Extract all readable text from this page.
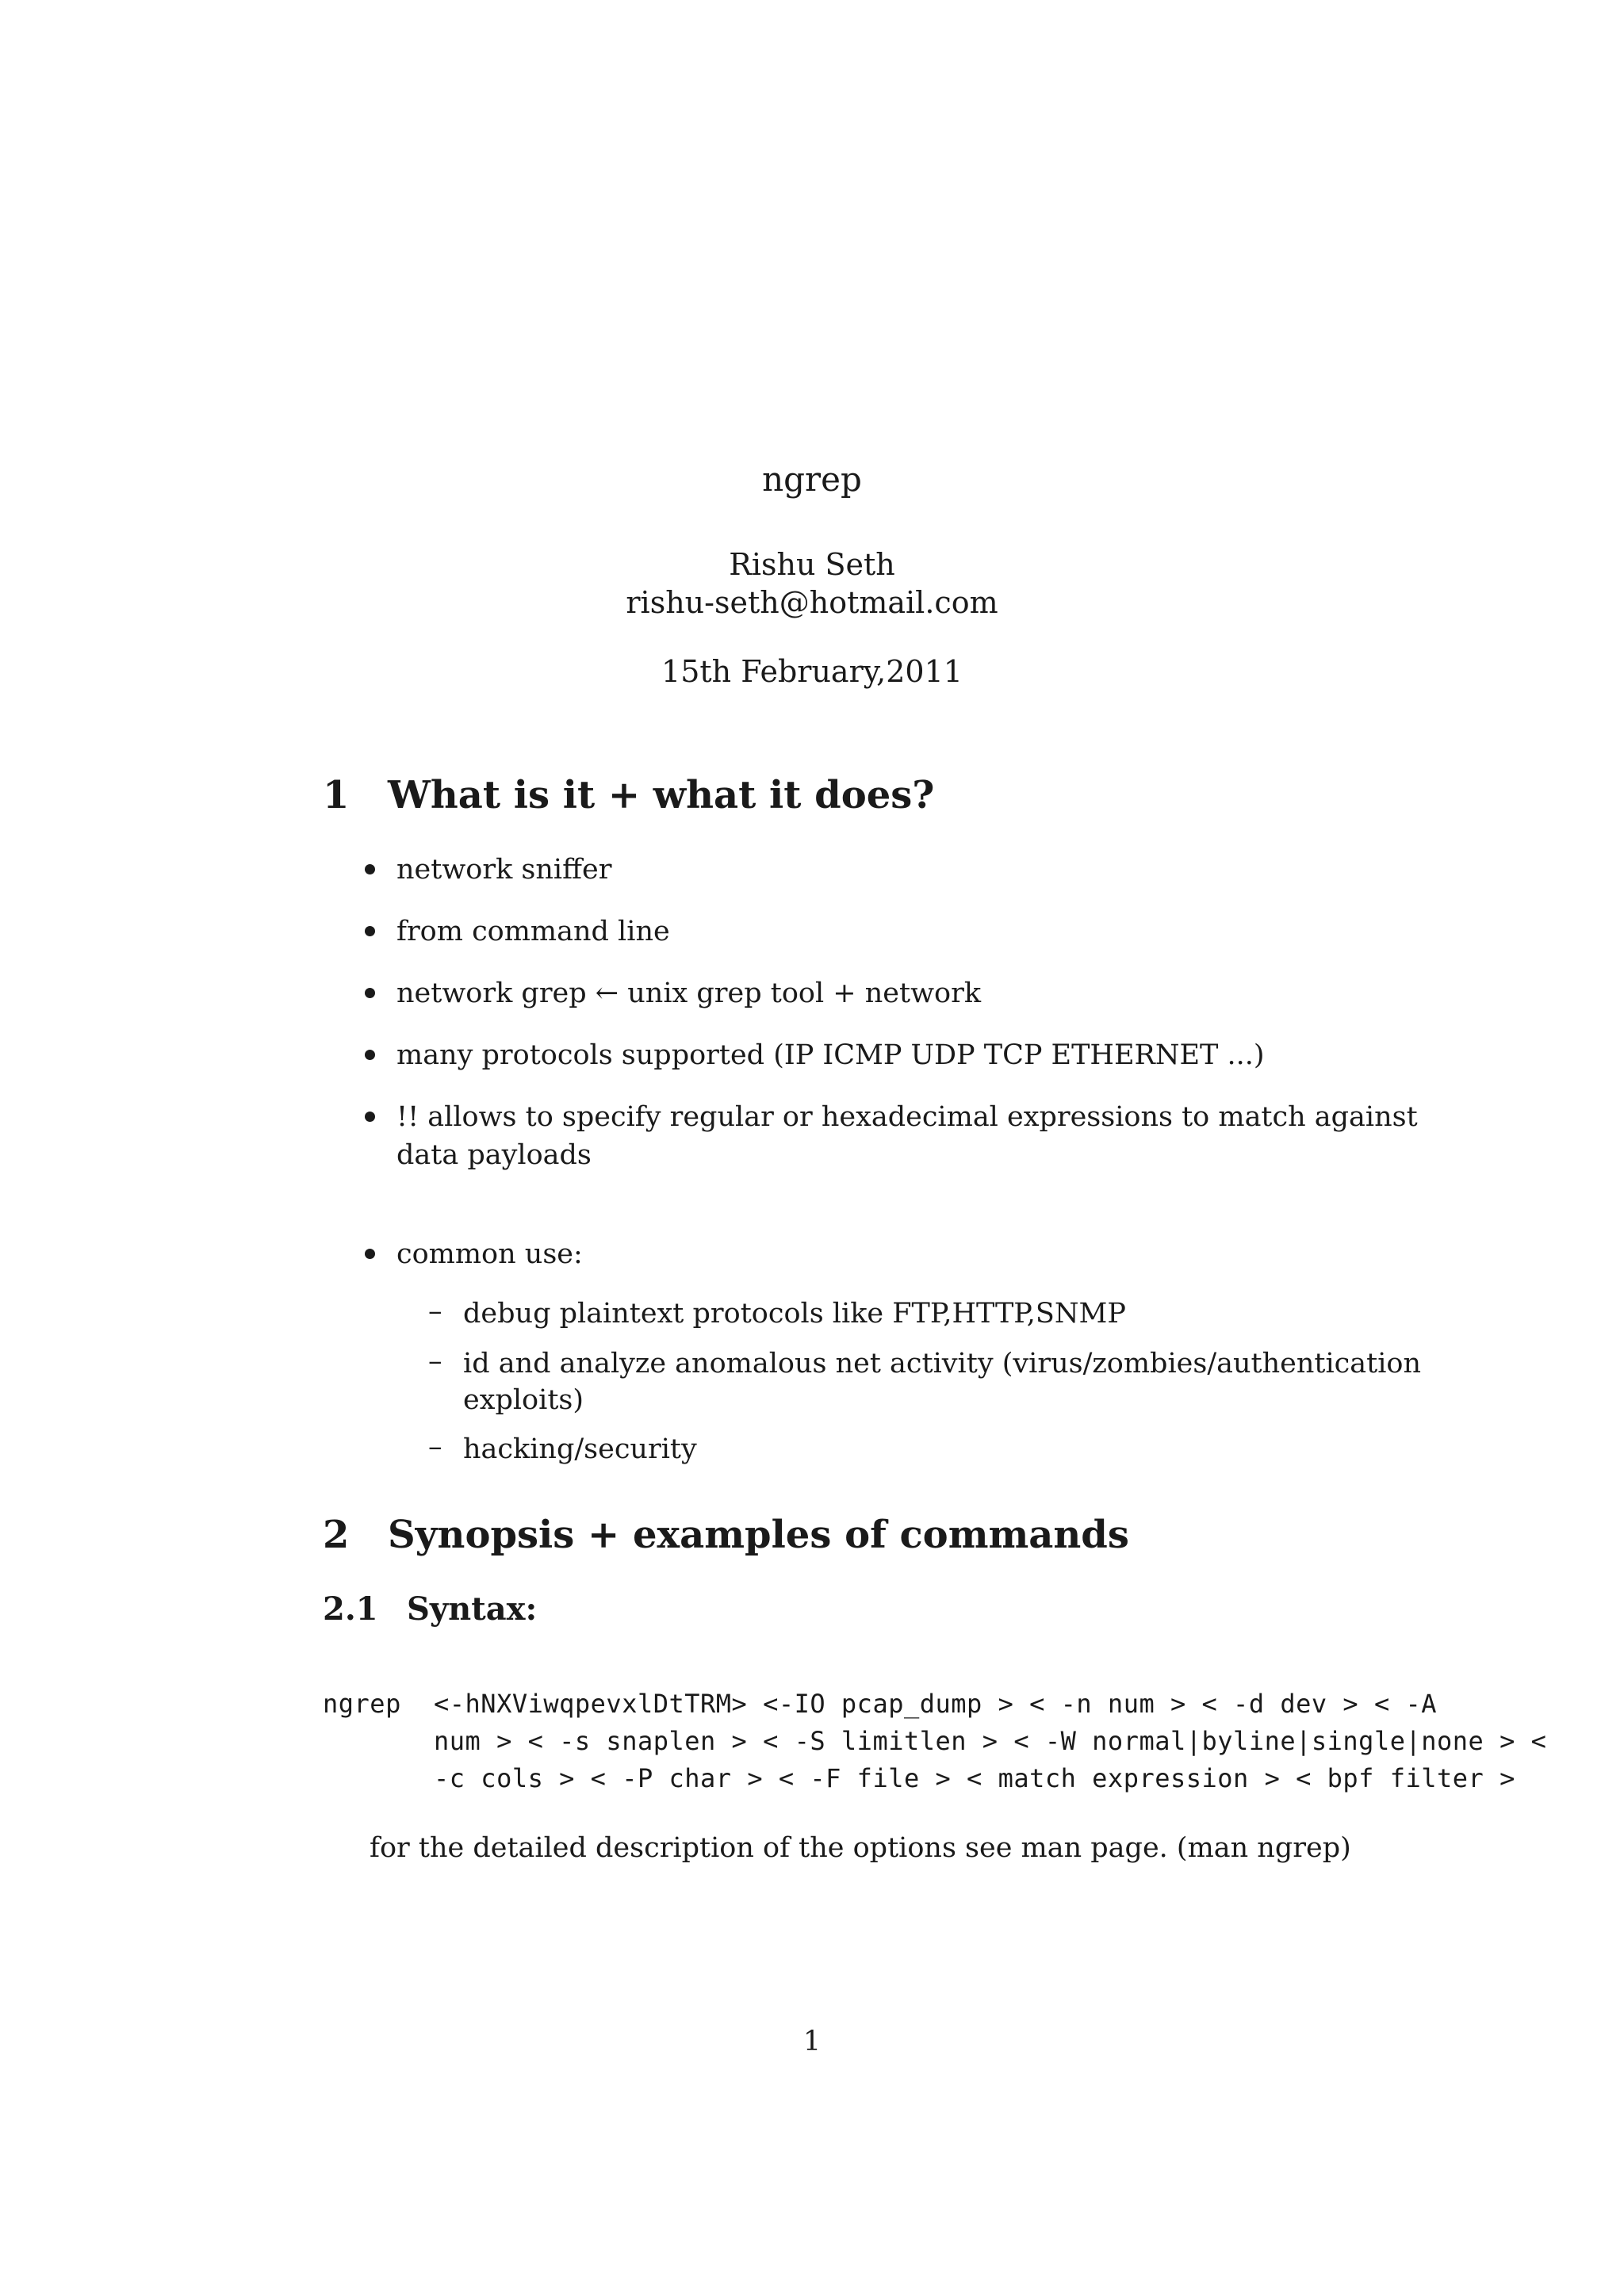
ngrep
Rishu Seth
rishu-seth@hotmail.com
15th February,2011
1 What is it + what it does?
network sniffer
from command line
network grep ← unix grep tool + network
many protocols supported (IP ICMP UDP TCP ETHERNET ...)
!! allows to specify regular or hexadecimal expressions to match against
data payloads
common use:
– debug plaintext protocols like FTP,HTTP,SNMP
– id and analyze anomalous net activity (virus/zombies/authentication
exploits)
– hacking/security
2 Synopsis + examples of commands
2.1 Syntax:
ngrep <-hNXViwqpevxlDtTRM> <-IO pcap_dump > < -n num > < -d dev > < -A
num > < -s snaplen > < -S limitlen > < -W normal|byline|single|none > <
-c cols > < -P char > < -F file > < match expression > < bpf filter >
for the detailed description of the options see man page. (man ngrep)
1
